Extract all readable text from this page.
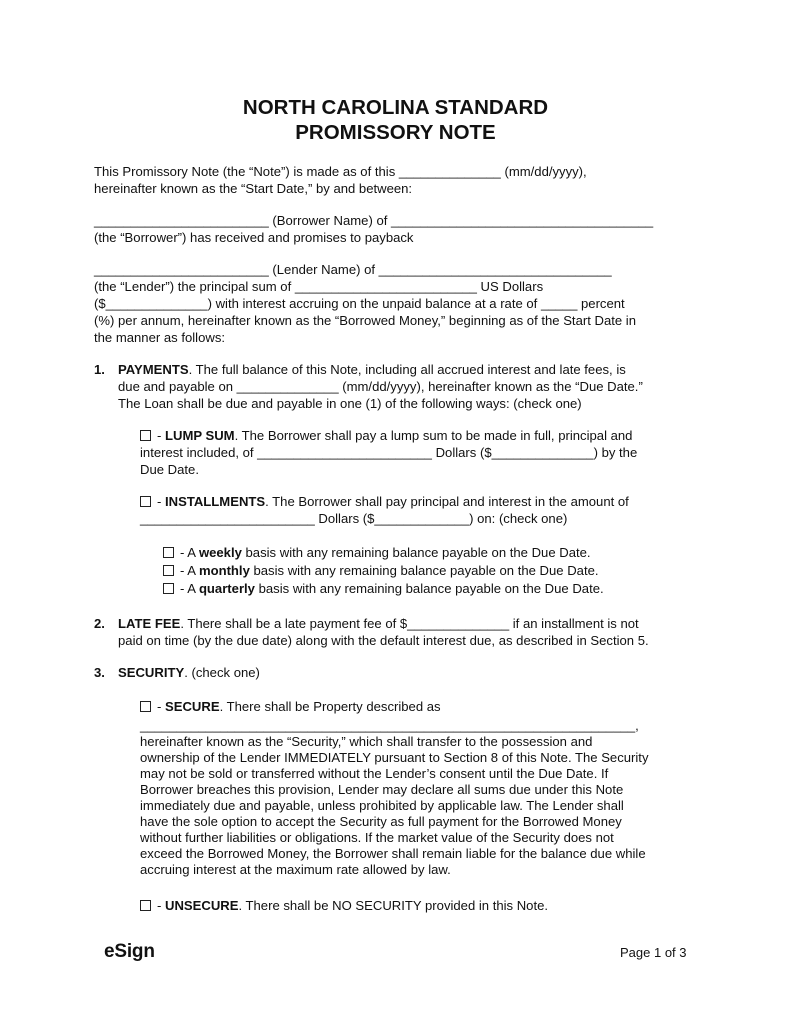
NORTH CAROLINA STANDARD

PROMISSORY NOTE

This Promissory Note (the “Note”) is made as of this ______________ (mm/dd/yyyy),

hereinafter known as the “Start Date,” by and between:

________________________ (Borrower Name) of ____________________________________

(the “Borrower”) has received and promises to payback

________________________ (Lender Name) of ________________________________

(the “Lender”) the principal sum of _________________________ US Dollars

($______________) with interest accruing on the unpaid balance at a rate of _____ percent

(%) per annum, hereinafter known as the “Borrowed Money,” beginning as of the Start Date in

the manner as follows:

1. PAYMENTS. The full balance of this Note, including all accrued interest and late fees, is

due and payable on ______________ (mm/dd/yyyy), hereinafter known as the “Due Date.”

The Loan shall be due and payable in one (1) of the following ways: (check one)

- LUMP SUM. The Borrower shall pay a lump sum to be made in full, principal and

interest included, of ________________________ Dollars ($______________) by the

Due Date.

- INSTALLMENTS. The Borrower shall pay principal and interest in the amount of

________________________ Dollars ($_____________) on: (check one)

- A weekly basis with any remaining balance payable on the Due Date.

- A monthly basis with any remaining balance payable on the Due Date.

- A quarterly basis with any remaining balance payable on the Due Date.

2. LATE FEE. There shall be a late payment fee of $______________ if an installment is not

paid on time (by the due date) along with the default interest due, as described in Section 5.

3. SECURITY. (check one)

- SECURE. There shall be Property described as

____________________________________________________________________,

hereinafter known as the “Security,” which shall transfer to the possession and

ownership of the Lender IMMEDIATELY pursuant to Section 8 of this Note. The Security

may not be sold or transferred without the Lender’s consent until the Due Date. If

Borrower breaches this provision, Lender may declare all sums due under this Note

immediately due and payable, unless prohibited by applicable law. The Lender shall

have the sole option to accept the Security as full payment for the Borrowed Money

without further liabilities or obligations. If the market value of the Security does not

exceed the Borrowed Money, the Borrower shall remain liable for the balance due while

accruing interest at the maximum rate allowed by law.

- UNSECURE. There shall be NO SECURITY provided in this Note.

eSign	Page 1 of 3
